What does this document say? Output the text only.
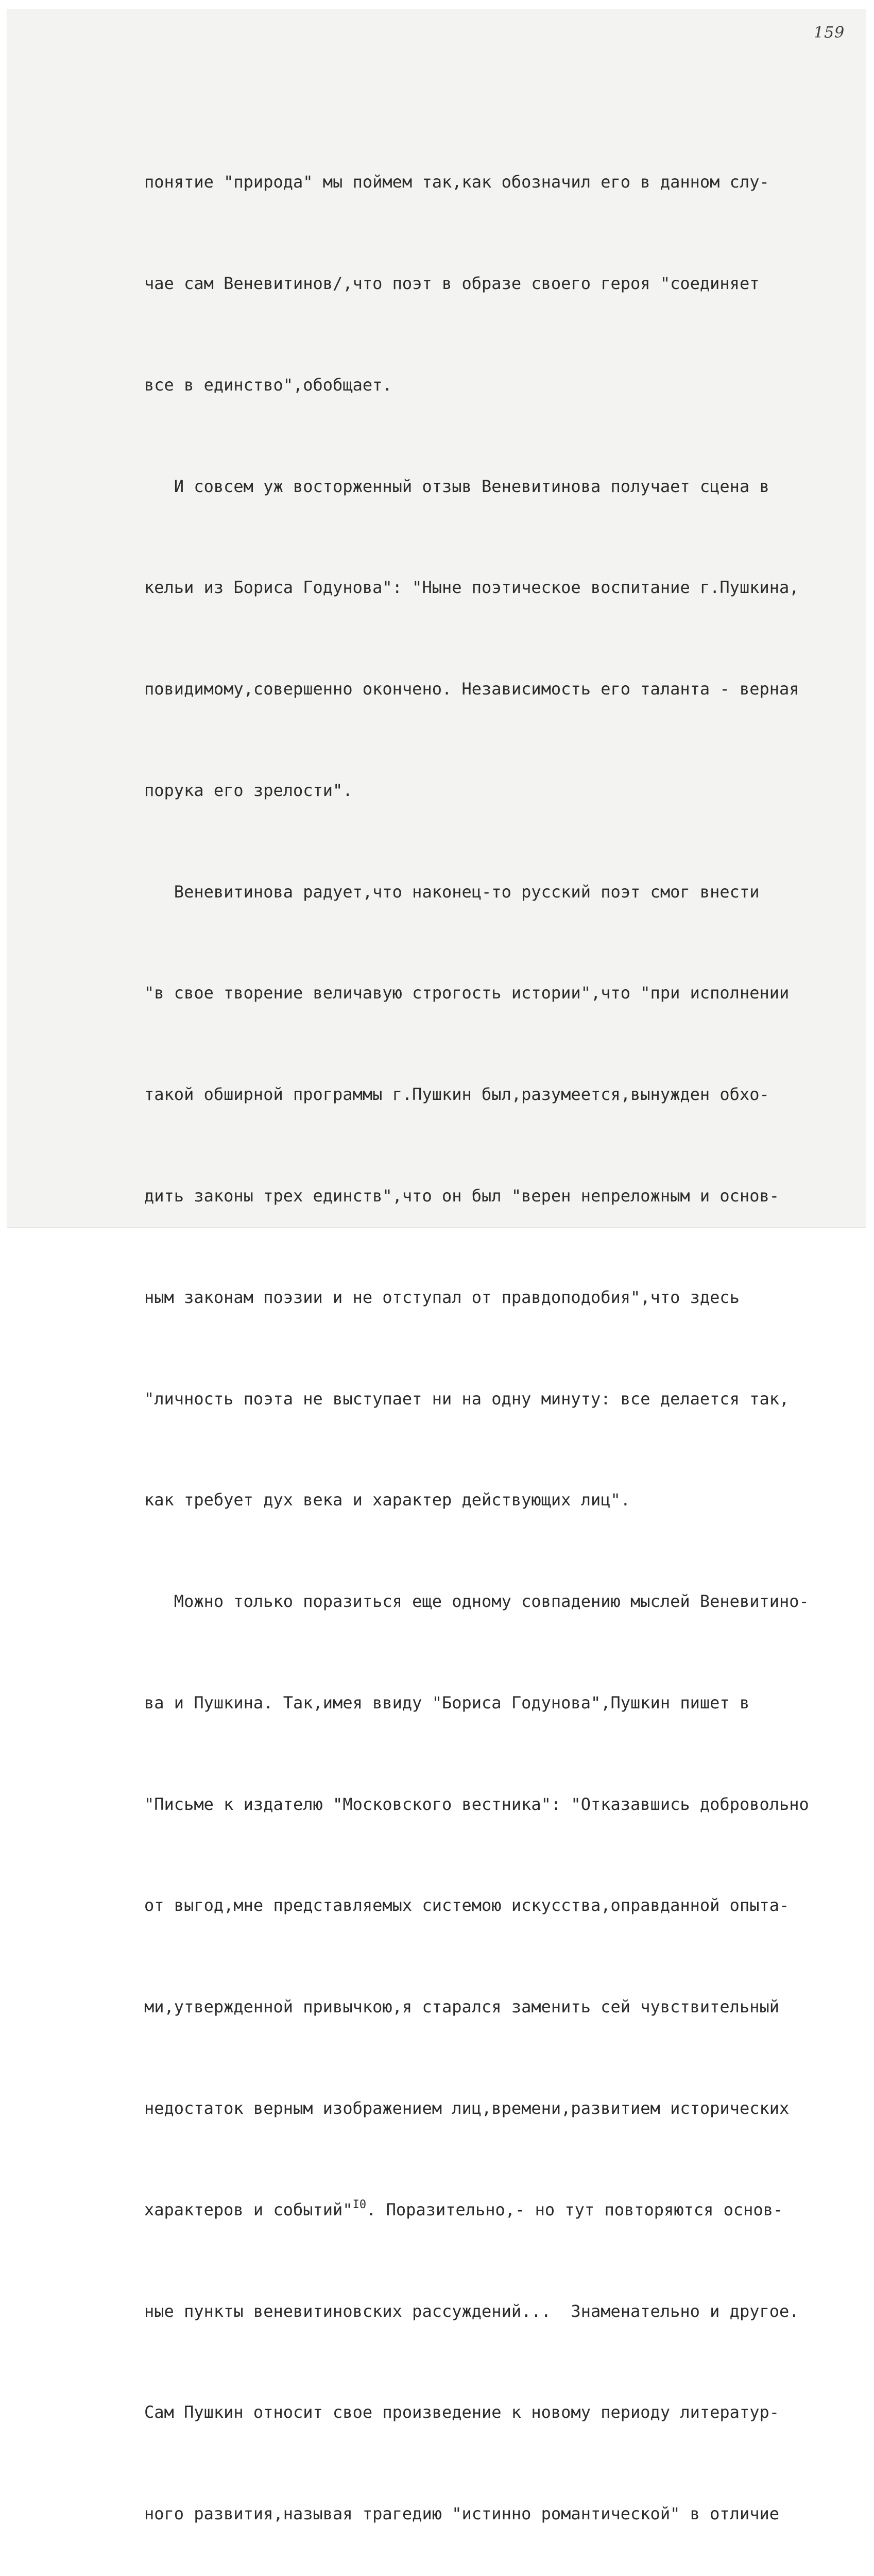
159

понятие "природа" мы поймем так,как обозначил его в данном слу-

чае сам Веневитинов/,что поэт в образе своего героя "соединяет

все в единство",обобщает.

И совсем уж восторженный отзыв Веневитинова получает сцена в

кельи из Бориса Годунова": "Ныне поэтическое воспитание г.Пушкина,

повидимому,совершенно окончено. Независимость его таланта - верная

порука его зрелости".

Веневитинова радует,что наконец-то русский поэт смог внести

"в свое творение величавую строгость истории",что "при исполнении

такой обширной программы г.Пушкин был,разумеется,вынужден обхо-

дить законы трех единств",что он был "верен непреложным и основ-

ным законам поэзии и не отступал от правдоподобия",что здесь

"личность поэта не выступает ни на одну минуту: все делается так,

как требует дух века и характер действующих лиц".

Можно только поразиться еще одному совпадению мыслей Веневитино-

ва и Пушкина. Так,имея ввиду "Бориса Годунова",Пушкин пишет в

"Письме к издателю "Московского вестника": "Отказавшись добровольно

от выгод,мне представляемых системою искусства,оправданной опыта-

ми,утвержденной привычкою,я старался заменить сей чувствительный

недостаток верным изображением лиц,времени,развитием исторических

характеров и событий"$^{I0}$. Поразительно,- но тут повторяются основ-

ные пункты веневитиновских рассуждений...  Знаменательно и другое.

Сам Пушкин относит свое произведение к новому периоду литератур-

ного развития,называя трагедию "истинно романтической" в отличие
